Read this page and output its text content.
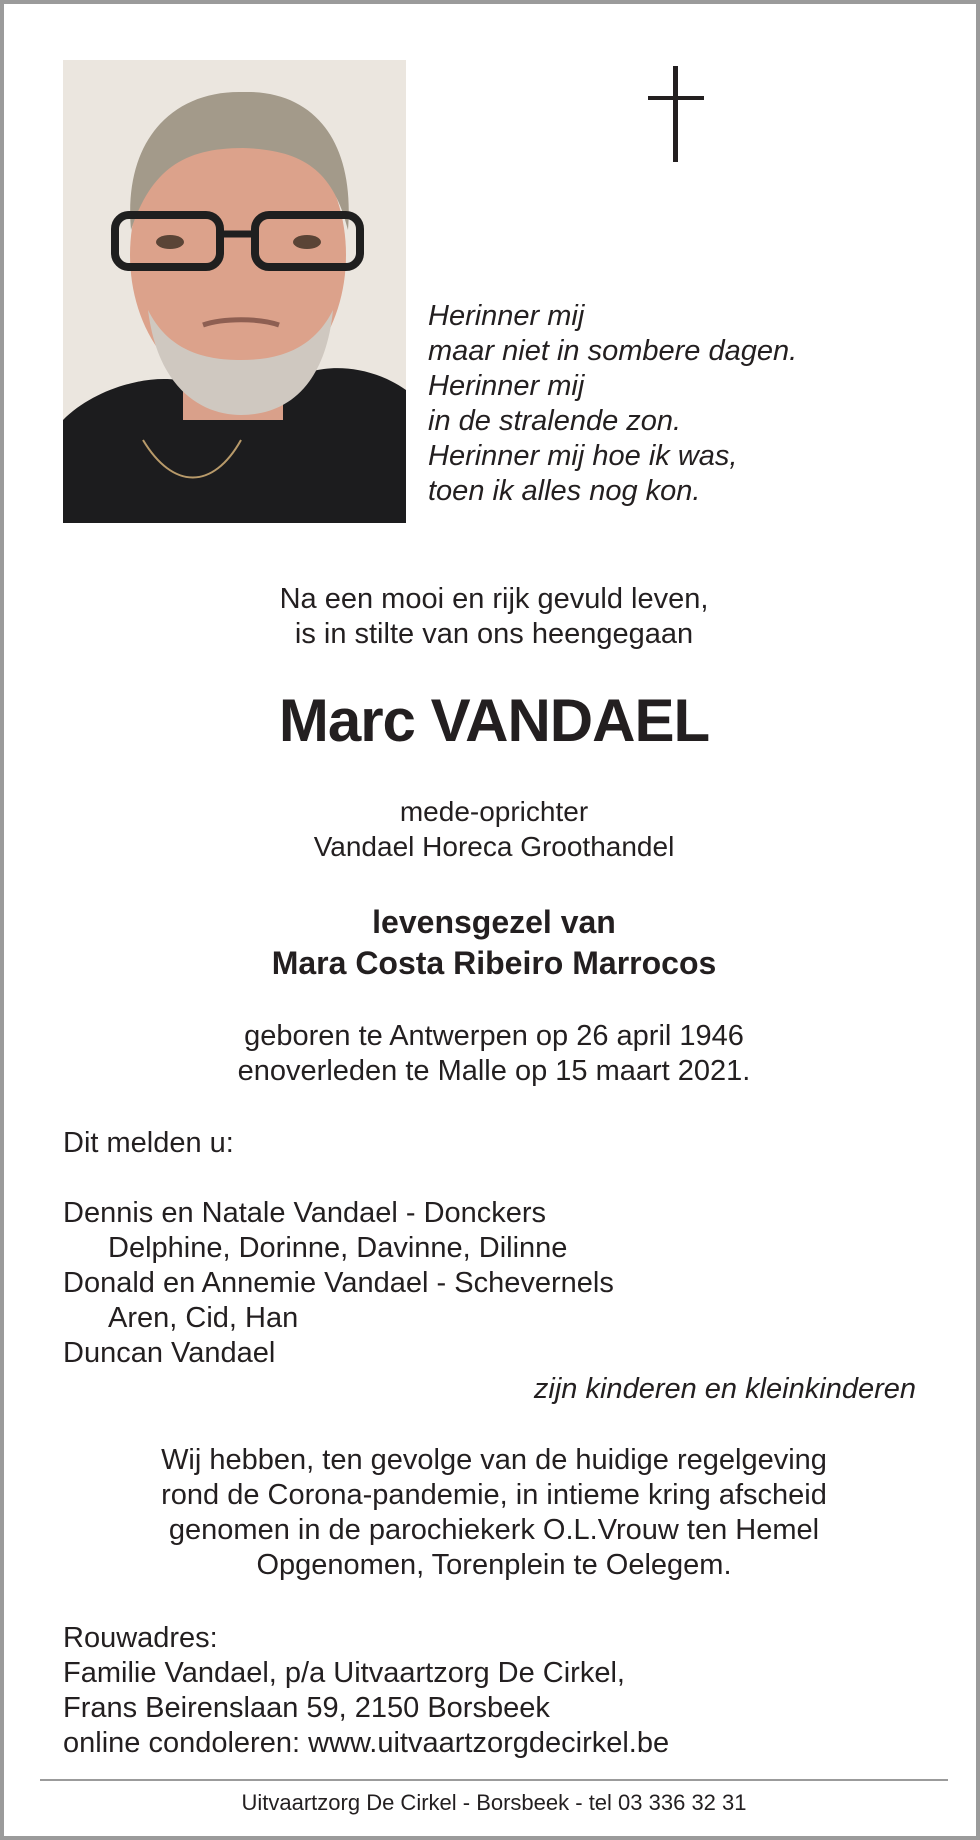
Herinner mij
maar niet in sombere dagen.
Herinner mij
in de stralende zon.
Herinner mij hoe ik was,
toen ik alles nog kon.
Na een mooi en rijk gevuld leven,
is in stilte van ons heengegaan
Marc VANDAEL
mede-oprichter
Vandael Horeca Groothandel
levensgezel van
Mara Costa Ribeiro Marrocos
geboren te Antwerpen op 26 april 1946
enoverleden te Malle op 15 maart 2021.
Dit melden u:
Dennis en Natale Vandael - Donckers
Delphine, Dorinne, Davinne, Dilinne
Donald en Annemie Vandael - Schevernels
Aren, Cid, Han
Duncan Vandael
zijn kinderen en kleinkinderen
Wij hebben, ten gevolge van de huidige regelgeving
rond de Corona-pandemie, in intieme kring afscheid
genomen in de parochiekerk O.L.Vrouw ten Hemel
Opgenomen, Torenplein te Oelegem.
Rouwadres:
Familie Vandael, p/a Uitvaartzorg De Cirkel,
Frans Beirenslaan 59, 2150 Borsbeek
online condoleren: www.uitvaartzorgdecirkel.be
Uitvaartzorg De Cirkel - Borsbeek - tel 03 336 32 31
